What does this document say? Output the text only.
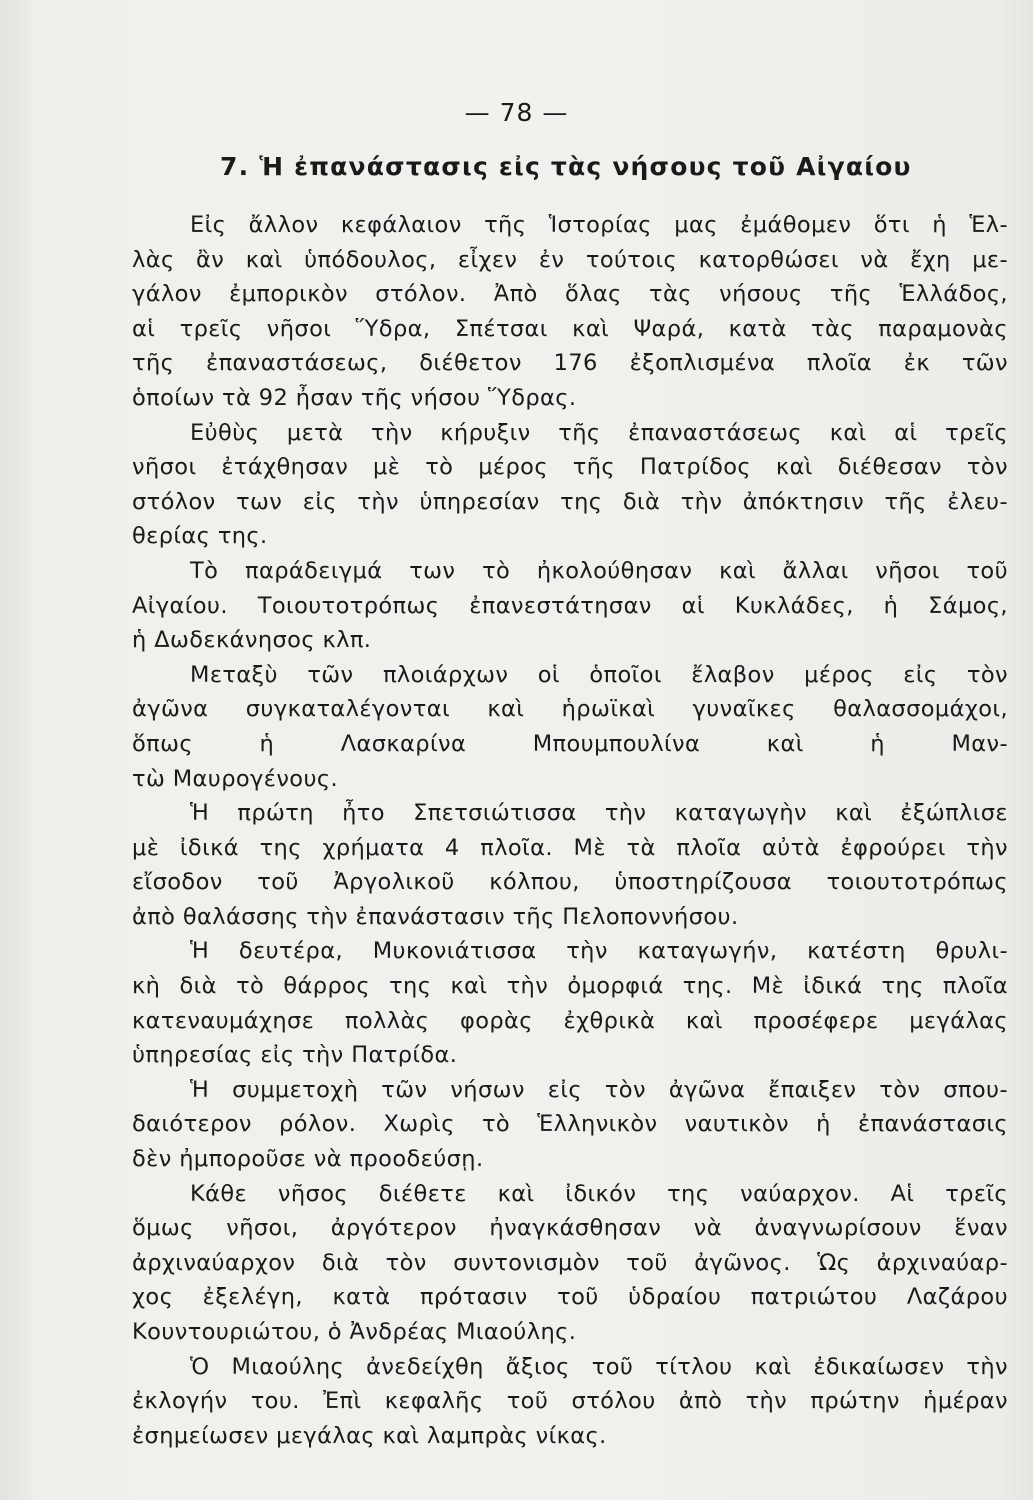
— 78 —
7. Ἡ ἐπανάστασις εἰς τὰς νήσους τοῦ Αἰγαίου
Εἰς ἄλλον κεφάλαιον τῆς Ἱστορίας μας ἐμάθομεν ὅτι ἡ Ἑλ-
λὰς ἂν καὶ ὑπόδουλος, εἶχεν ἐν τούτοις κατορθώσει νὰ ἔχη με-
γάλον ἐμπορικὸν στόλον. Ἀπὸ ὅλας τὰς νήσους τῆς Ἑλλάδος,
αἱ τρεῖς νῆσοι Ὕδρα, Σπέτσαι καὶ Ψαρά, κατὰ τὰς παραμονὰς
τῆς ἐπαναστάσεως, διέθετον 176 ἐξοπλισμένα πλοῖα ἐκ τῶν
ὁποίων τὰ 92 ἦσαν τῆς νήσου Ὕδρας.
Εὐθὺς μετὰ τὴν κήρυξιν τῆς ἐπαναστάσεως καὶ αἱ τρεῖς
νῆσοι ἐτάχθησαν μὲ τὸ μέρος τῆς Πατρίδος καὶ διέθεσαν τὸν
στόλον των εἰς τὴν ὑπηρεσίαν της διὰ τὴν ἀπόκτησιν τῆς ἐλευ-
θερίας της.
Τὸ παράδειγμά των τὸ ἠκολούθησαν καὶ ἄλλαι νῆσοι τοῦ
Αἰγαίου. Τοιουτοτρόπως ἐπανεστάτησαν αἱ Κυκλάδες, ἡ Σάμος,
ἡ Δωδεκάνησος κλπ.
Μεταξὺ τῶν πλοιάρχων οἱ ὁποῖοι ἔλαβον μέρος εἰς τὸν
ἀγῶνα συγκαταλέγονται καὶ ἡρωϊκαὶ γυναῖκες θαλασσομάχοι,
ὅπως ἡ Λασκαρίνα Μπουμπουλίνα καὶ ἡ Μαν-
τὼ Μαυρογένους.
Ἡ πρώτη ἦτο Σπετσιώτισσα τὴν καταγωγὴν καὶ ἐξώπλισε
μὲ ἰδικά της χρήματα 4 πλοῖα. Μὲ τὰ πλοῖα αὐτὰ ἐφρούρει τὴν
εἴσοδον τοῦ Ἀργολικοῦ κόλπου, ὑποστηρίζουσα τοιουτοτρόπως
ἀπὸ θαλάσσης τὴν ἐπανάστασιν τῆς Πελοποννήσου.
Ἡ δευτέρα, Μυκονιάτισσα τὴν καταγωγήν, κατέστη θρυλι-
κὴ διὰ τὸ θάρρος της καὶ τὴν ὀμορφιά της. Μὲ ἰδικά της πλοῖα
κατεναυμάχησε πολλὰς φορὰς ἐχθρικὰ καὶ προσέφερε μεγάλας
ὑπηρεσίας εἰς τὴν Πατρίδα.
Ἡ συμμετοχὴ τῶν νήσων εἰς τὸν ἀγῶνα ἔπαιξεν τὸν σπου-
δαιότερον ρόλον. Χωρὶς τὸ Ἑλληνικὸν ναυτικὸν ἡ ἐπανάστασις
δὲν ἠμποροῦσε νὰ προοδεύσῃ.
Κάθε νῆσος διέθετε καὶ ἰδικόν της ναύαρχον. Αἱ τρεῖς
ὅμως νῆσοι, ἀργότερον ἠναγκάσθησαν νὰ ἀναγνωρίσουν ἕναν
ἀρχιναύαρχον διὰ τὸν συντονισμὸν τοῦ ἀγῶνος. Ὡς ἀρχιναύαρ-
χος ἐξελέγη, κατὰ πρότασιν τοῦ ὑδραίου πατριώτου Λαζάρου
Κουντουριώτου, ὁ Ἀνδρέας Μιαούλης.
Ὁ Μιαούλης ἀνεδείχθη ἄξιος τοῦ τίτλου καὶ ἐδικαίωσεν τὴν
ἐκλογήν του. Ἐπὶ κεφαλῆς τοῦ στόλου ἀπὸ τὴν πρώτην ἡμέραν
ἐσημείωσεν μεγάλας καὶ λαμπρὰς νίκας.
